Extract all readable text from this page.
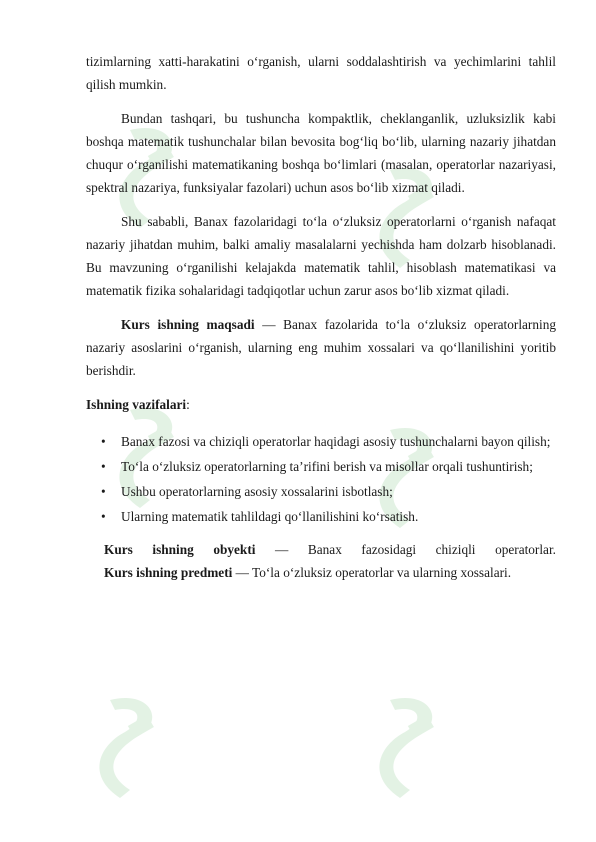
tizimlarning xatti-harakatini o‘rganish, ularni soddalashtirish va yechimlarini tahlil qilish mumkin.

Bundan tashqari, bu tushuncha kompaktlik, cheklanganlik, uzluksizlik kabi boshqa matematik tushunchalar bilan bevosita bog‘liq bo‘lib, ularning nazariy jihatdan chuqur o‘rganilishi matematikaning boshqa bo‘limlari (masalan, operatorlar nazariyasi, spektral nazariya, funksiyalar fazolari) uchun asos bo‘lib xizmat qiladi.

Shu sababli, Banax fazolaridagi to‘la o‘zluksiz operatorlarni o‘rganish nafaqat nazariy jihatdan muhim, balki amaliy masalalarni yechishda ham dolzarb hisoblanadi. Bu mavzuning o‘rganilishi kelajakda matematik tahlil, hisoblash matematikasi va matematik fizika sohalaridagi tadqiqotlar uchun zarur asos bo‘lib xizmat qiladi.

Kurs ishning maqsadi — Banax fazolarida to‘la o‘zluksiz operatorlarning nazariy asoslarini o‘rganish, ularning eng muhim xossalari va qo‘llanilishini yoritib berishdir.

Ishning vazifalari:

• Banax fazosi va chiziqli operatorlar haqidagi asosiy tushunchalarni bayon qilish;
• To‘la o‘zluksiz operatorlarning ta’rifini berish va misollar orqali tushuntirish;
• Ushbu operatorlarning asosiy xossalarini isbotlash;
• Ularning matematik tahlildagi qo‘llanilishini ko‘rsatish.

Kurs ishning obyekti — Banax fazosidagi chiziqli operatorlar.

Kurs ishning predmeti — To‘la o‘zluksiz operatorlar va ularning xossalari.
